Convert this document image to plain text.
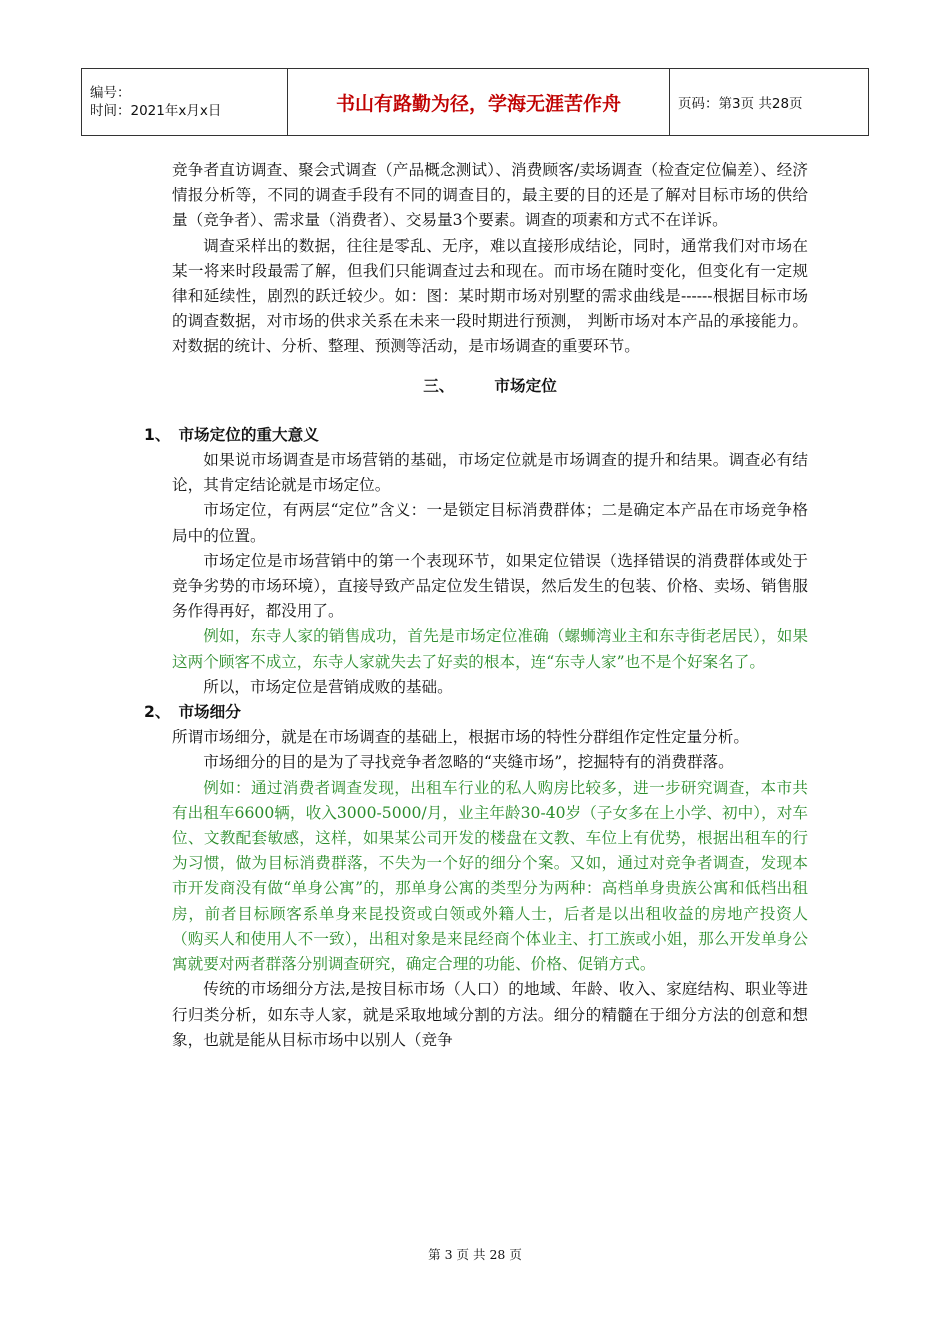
编号：
时间：2021年x月x日	书山有路勤为径，学海无涯苦作舟	页码：第3页 共28页

竞争者直访调查、聚会式调查（产品概念测试）、消费顾客/卖场调查（检查定位偏差）、经济情报分析等，不同的调查手段有不同的调查目的，最主要的目的还是了解对目标市场的供给量（竞争者）、需求量（消费者）、交易量3个要素。调查的项素和方式不在详诉。

调查采样出的数据，往往是零乱、无序，难以直接形成结论，同时，通常我们对市场在某一将来时段最需了解，但我们只能调查过去和现在。而市场在随时变化，但变化有一定规律和延续性，剧烈的跃迁较少。如：图：某时期市场对别墅的需求曲线是------根据目标市场的调查数据，对市场的供求关系在未来一段时期进行预测， 判断市场对本产品的承接能力。对数据的统计、分析、整理、预测等活动，是市场调查的重要环节。

三、	市场定位

1、 市场定位的重大意义

如果说市场调查是市场营销的基础，市场定位就是市场调查的提升和结果。调查必有结论，其肯定结论就是市场定位。

市场定位，有两层“定位”含义：一是锁定目标消费群体；二是确定本产品在市场竞争格局中的位置。

市场定位是市场营销中的第一个表现环节，如果定位错误（选择错误的消费群体或处于竞争劣势的市场环境），直接导致产品定位发生错误，然后发生的包装、价格、卖场、销售服务作得再好，都没用了。

例如，东寺人家的销售成功，首先是市场定位准确（螺蛳湾业主和东寺街老居民），如果这两个顾客不成立，东寺人家就失去了好卖的根本，连“东寺人家”也不是个好案名了。

所以，市场定位是营销成败的基础。

2、 市场细分

所谓市场细分，就是在市场调查的基础上，根据市场的特性分群组作定性定量分析。

市场细分的目的是为了寻找竞争者忽略的“夹缝市场”，挖掘特有的消费群落。

例如：通过消费者调查发现，出租车行业的私人购房比较多，进一步研究调查，本市共有出租车6600辆，收入3000-5000/月，业主年龄30-40岁（子女多在上小学、初中），对车位、文教配套敏感，这样，如果某公司开发的楼盘在文教、车位上有优势，根据出租车的行为习惯，做为目标消费群落，不失为一个好的细分个案。又如，通过对竞争者调查，发现本市开发商没有做“单身公寓”的，那单身公寓的类型分为两种：高档单身贵族公寓和低档出租房，前者目标顾客系单身来昆投资或白领或外籍人士，后者是以出租收益的房地产投资人（购买人和使用人不一致），出租对象是来昆经商个体业主、打工族或小姐，那么开发单身公寓就要对两者群落分别调查研究，确定合理的功能、价格、促销方式。

传统的市场细分方法,是按目标市场（人口）的地域、年龄、收入、家庭结构、职业等进行归类分析，如东寺人家，就是采取地域分割的方法。细分的精髓在于细分方法的创意和想象，也就是能从目标市场中以别人（竞争

第 3 页 共 28 页
